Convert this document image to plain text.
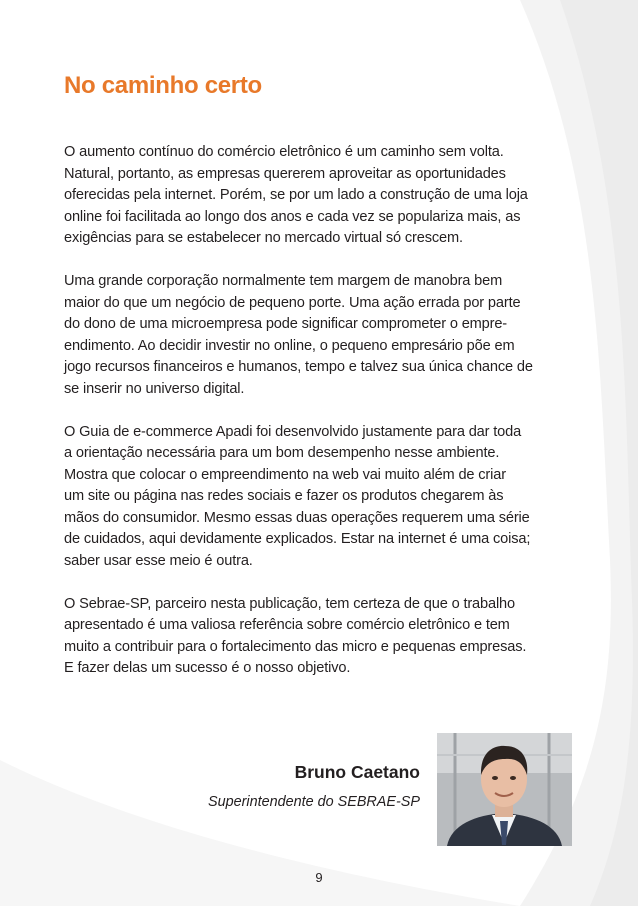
No caminho certo

O aumento contínuo do comércio eletrônico é um caminho sem volta.
Natural, portanto, as empresas quererem aproveitar as oportunidades
oferecidas pela internet. Porém, se por um lado a construção de uma loja
online foi facilitada ao longo dos anos e cada vez se populariza mais, as
exigências para se estabelecer no mercado virtual só crescem.

Uma grande corporação normalmente tem margem de manobra bem
maior do que um negócio de pequeno porte. Uma ação errada por parte
do dono de uma microempresa pode significar comprometer o empre-
endimento. Ao decidir investir no online, o pequeno empresário põe em
jogo recursos financeiros e humanos, tempo e talvez sua única chance de
se inserir no universo digital.

O Guia de e-commerce Apadi foi desenvolvido justamente para dar toda
a orientação necessária para um bom desempenho nesse ambiente.
Mostra que colocar o empreendimento na web vai muito além de criar
um site ou página nas redes sociais e fazer os produtos chegarem às
mãos do consumidor. Mesmo essas duas operações requerem uma série
de cuidados, aqui devidamente explicados. Estar na internet é uma coisa;
saber usar esse meio é outra.

O Sebrae-SP, parceiro nesta publicação, tem certeza de que o trabalho
apresentado é uma valiosa referência sobre comércio eletrônico e tem
muito a contribuir para o fortalecimento das micro e pequenas empresas.
E fazer delas um sucesso é o nosso objetivo.

Bruno Caetano
Superintendente do SEBRAE-SP
9
